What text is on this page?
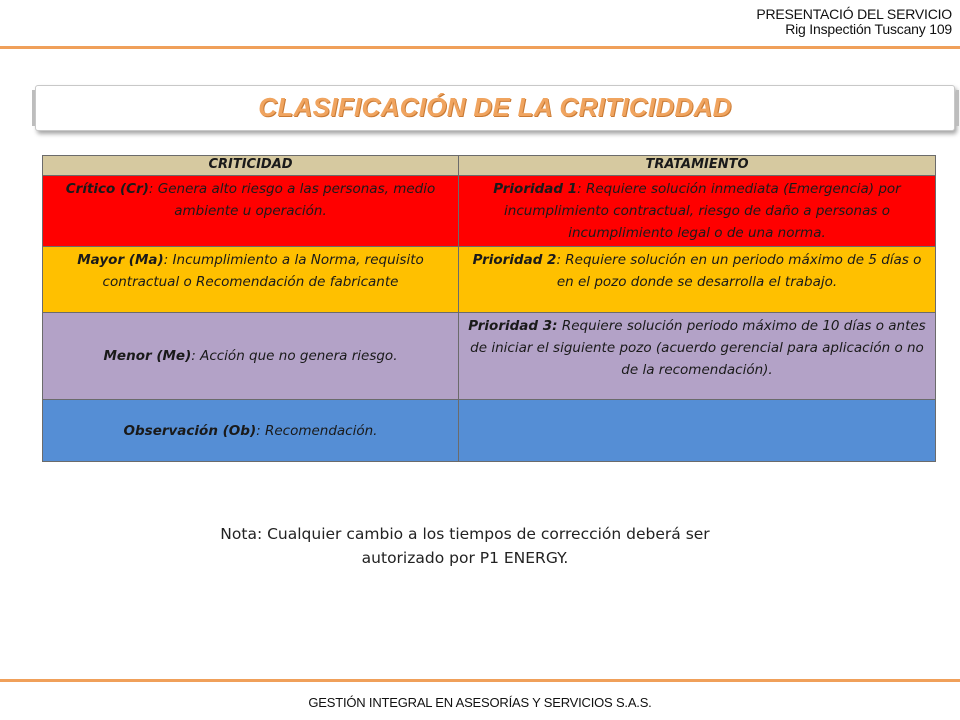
PRESENTACIÓ DEL SERVICIO
Rig Inspectión Tuscany 109
CLASIFICACIÓN DE LA CRITICIDDAD
CRITICIDAD	TRATAMIENTO
Crítico (Cr): Genera alto riesgo a las personas, medio ambiente u operación.	Prioridad 1: Requiere solución inmediata (Emergencia) por incumplimiento contractual, riesgo de daño a personas o incumplimiento legal o de una norma.
Mayor (Ma): Incumplimiento a la Norma, requisito contractual o Recomendación de fabricante	Prioridad 2: Requiere solución en un periodo máximo de 5 días o en el pozo donde se desarrolla el trabajo.
Menor (Me): Acción que no genera riesgo.	Prioridad 3: Requiere solución periodo máximo de 10 días o antes de iniciar el siguiente pozo (acuerdo gerencial para aplicación o no de la recomendación).
Observación (Ob): Recomendación.	
Nota: Cualquier cambio a los tiempos de corrección deberá ser
autorizado por P1 ENERGY.
GESTIÓN INTEGRAL EN ASESORÍAS Y SERVICIOS S.A.S.
